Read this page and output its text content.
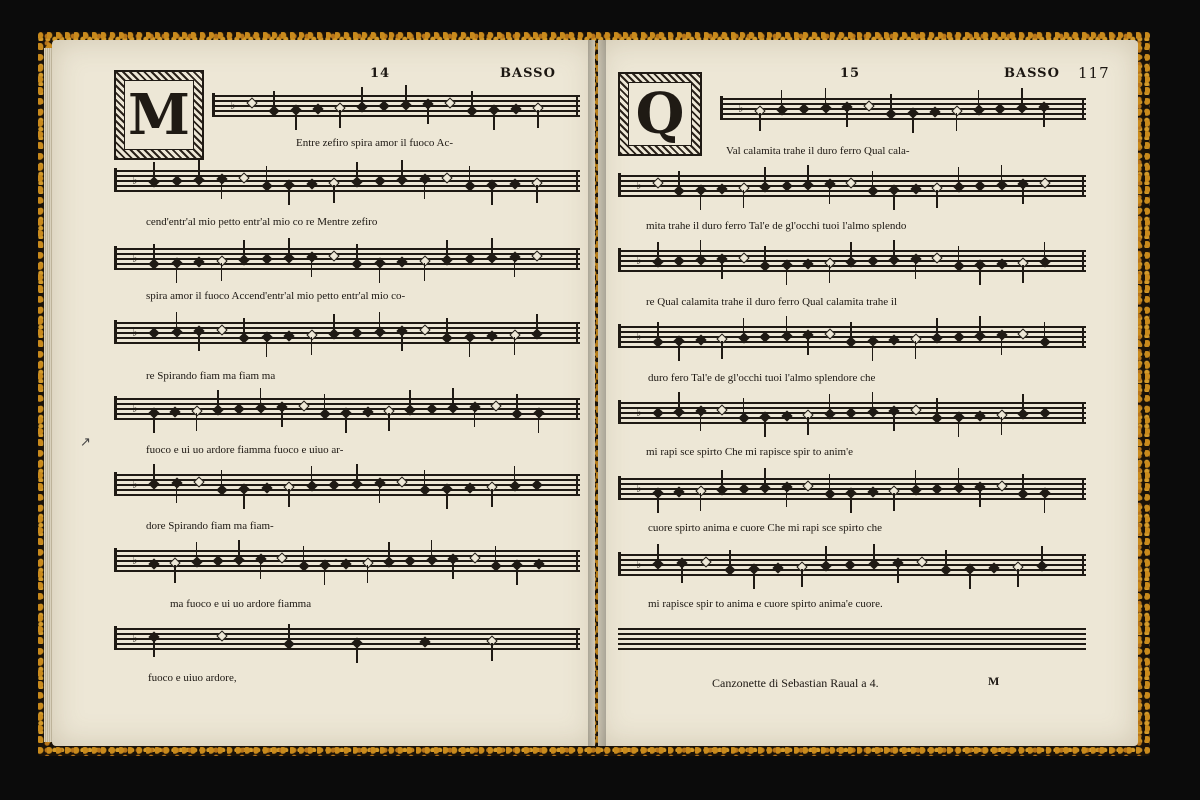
14	BASSO
M
15	BASSO 117
Q
↗
♭
♭
♭
♭
♭
♭
♭
♭
♭
♭
♭
♭
♭
♭
♭
Entre zefiro spira amor il fuoco Ac-
cend'entr'al mio petto entr'al mio co re Mentre zefiro
spira amor il fuoco Accend'entr'al mio petto entr'al mio co-
re Spirando fiam ma fiam ma
fuoco e ui uo ardore fiamma fuoco e uiuo ar-
dore Spirando fiam ma fiam-
ma fuoco e ui uo ardore fiamma
fuoco e uiuo ardore,
Val calamita trahe il duro ferro Qual cala-
mita trahe il duro ferro Tal'e de gl'occhi tuoi l'almo splendo
re Qual calamita trahe il duro ferro Qual calamita trahe il
duro fero Tal'e de gl'occhi tuoi l'almo splendore che
mi rapi sce spirto Che mi rapisce spir to anim'e
cuore spirto anima e cuore Che mi rapi sce spirto che
mi rapisce spir to anima e cuore spirto anima'e cuore.
Canzonette di Sebastian Raual a 4.	M
